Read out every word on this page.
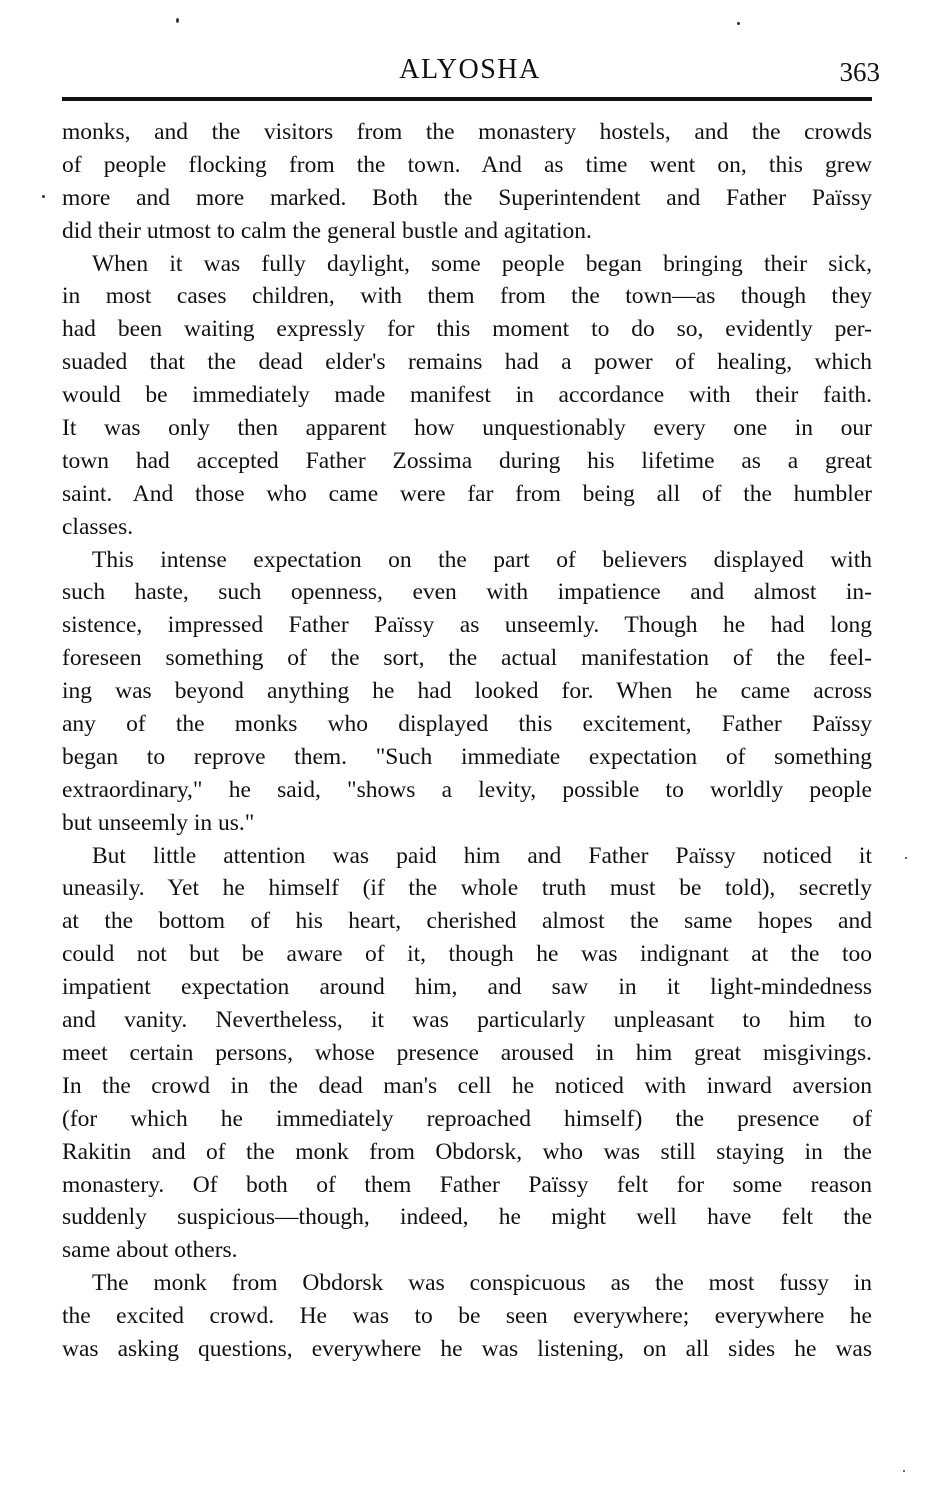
ALYOSHA	363
monks, and the visitors from the monastery hostels, and the crowds
of people flocking from the town. And as time went on, this grew
more and more marked. Both the Superintendent and Father Païssy
did their utmost to calm the general bustle and agitation.
When it was fully daylight, some people began bringing their sick,
in most cases children, with them from the town—as though they
had been waiting expressly for this moment to do so, evidently per-
suaded that the dead elder's remains had a power of healing, which
would be immediately made manifest in accordance with their faith.
It was only then apparent how unquestionably every one in our
town had accepted Father Zossima during his lifetime as a great
saint. And those who came were far from being all of the humbler
classes.
This intense expectation on the part of believers displayed with
such haste, such openness, even with impatience and almost in-
sistence, impressed Father Païssy as unseemly. Though he had long
foreseen something of the sort, the actual manifestation of the feel-
ing was beyond anything he had looked for. When he came across
any of the monks who displayed this excitement, Father Païssy
began to reprove them. "Such immediate expectation of something
extraordinary," he said, "shows a levity, possible to worldly people
but unseemly in us."
But little attention was paid him and Father Païssy noticed it
uneasily. Yet he himself (if the whole truth must be told), secretly
at the bottom of his heart, cherished almost the same hopes and
could not but be aware of it, though he was indignant at the too
impatient expectation around him, and saw in it light-mindedness
and vanity. Nevertheless, it was particularly unpleasant to him to
meet certain persons, whose presence aroused in him great misgivings.
In the crowd in the dead man's cell he noticed with inward aversion
(for which he immediately reproached himself) the presence of
Rakitin and of the monk from Obdorsk, who was still staying in the
monastery. Of both of them Father Païssy felt for some reason
suddenly suspicious—though, indeed, he might well have felt the
same about others.
The monk from Obdorsk was conspicuous as the most fussy in
the excited crowd. He was to be seen everywhere; everywhere he
was asking questions, everywhere he was listening, on all sides he was
